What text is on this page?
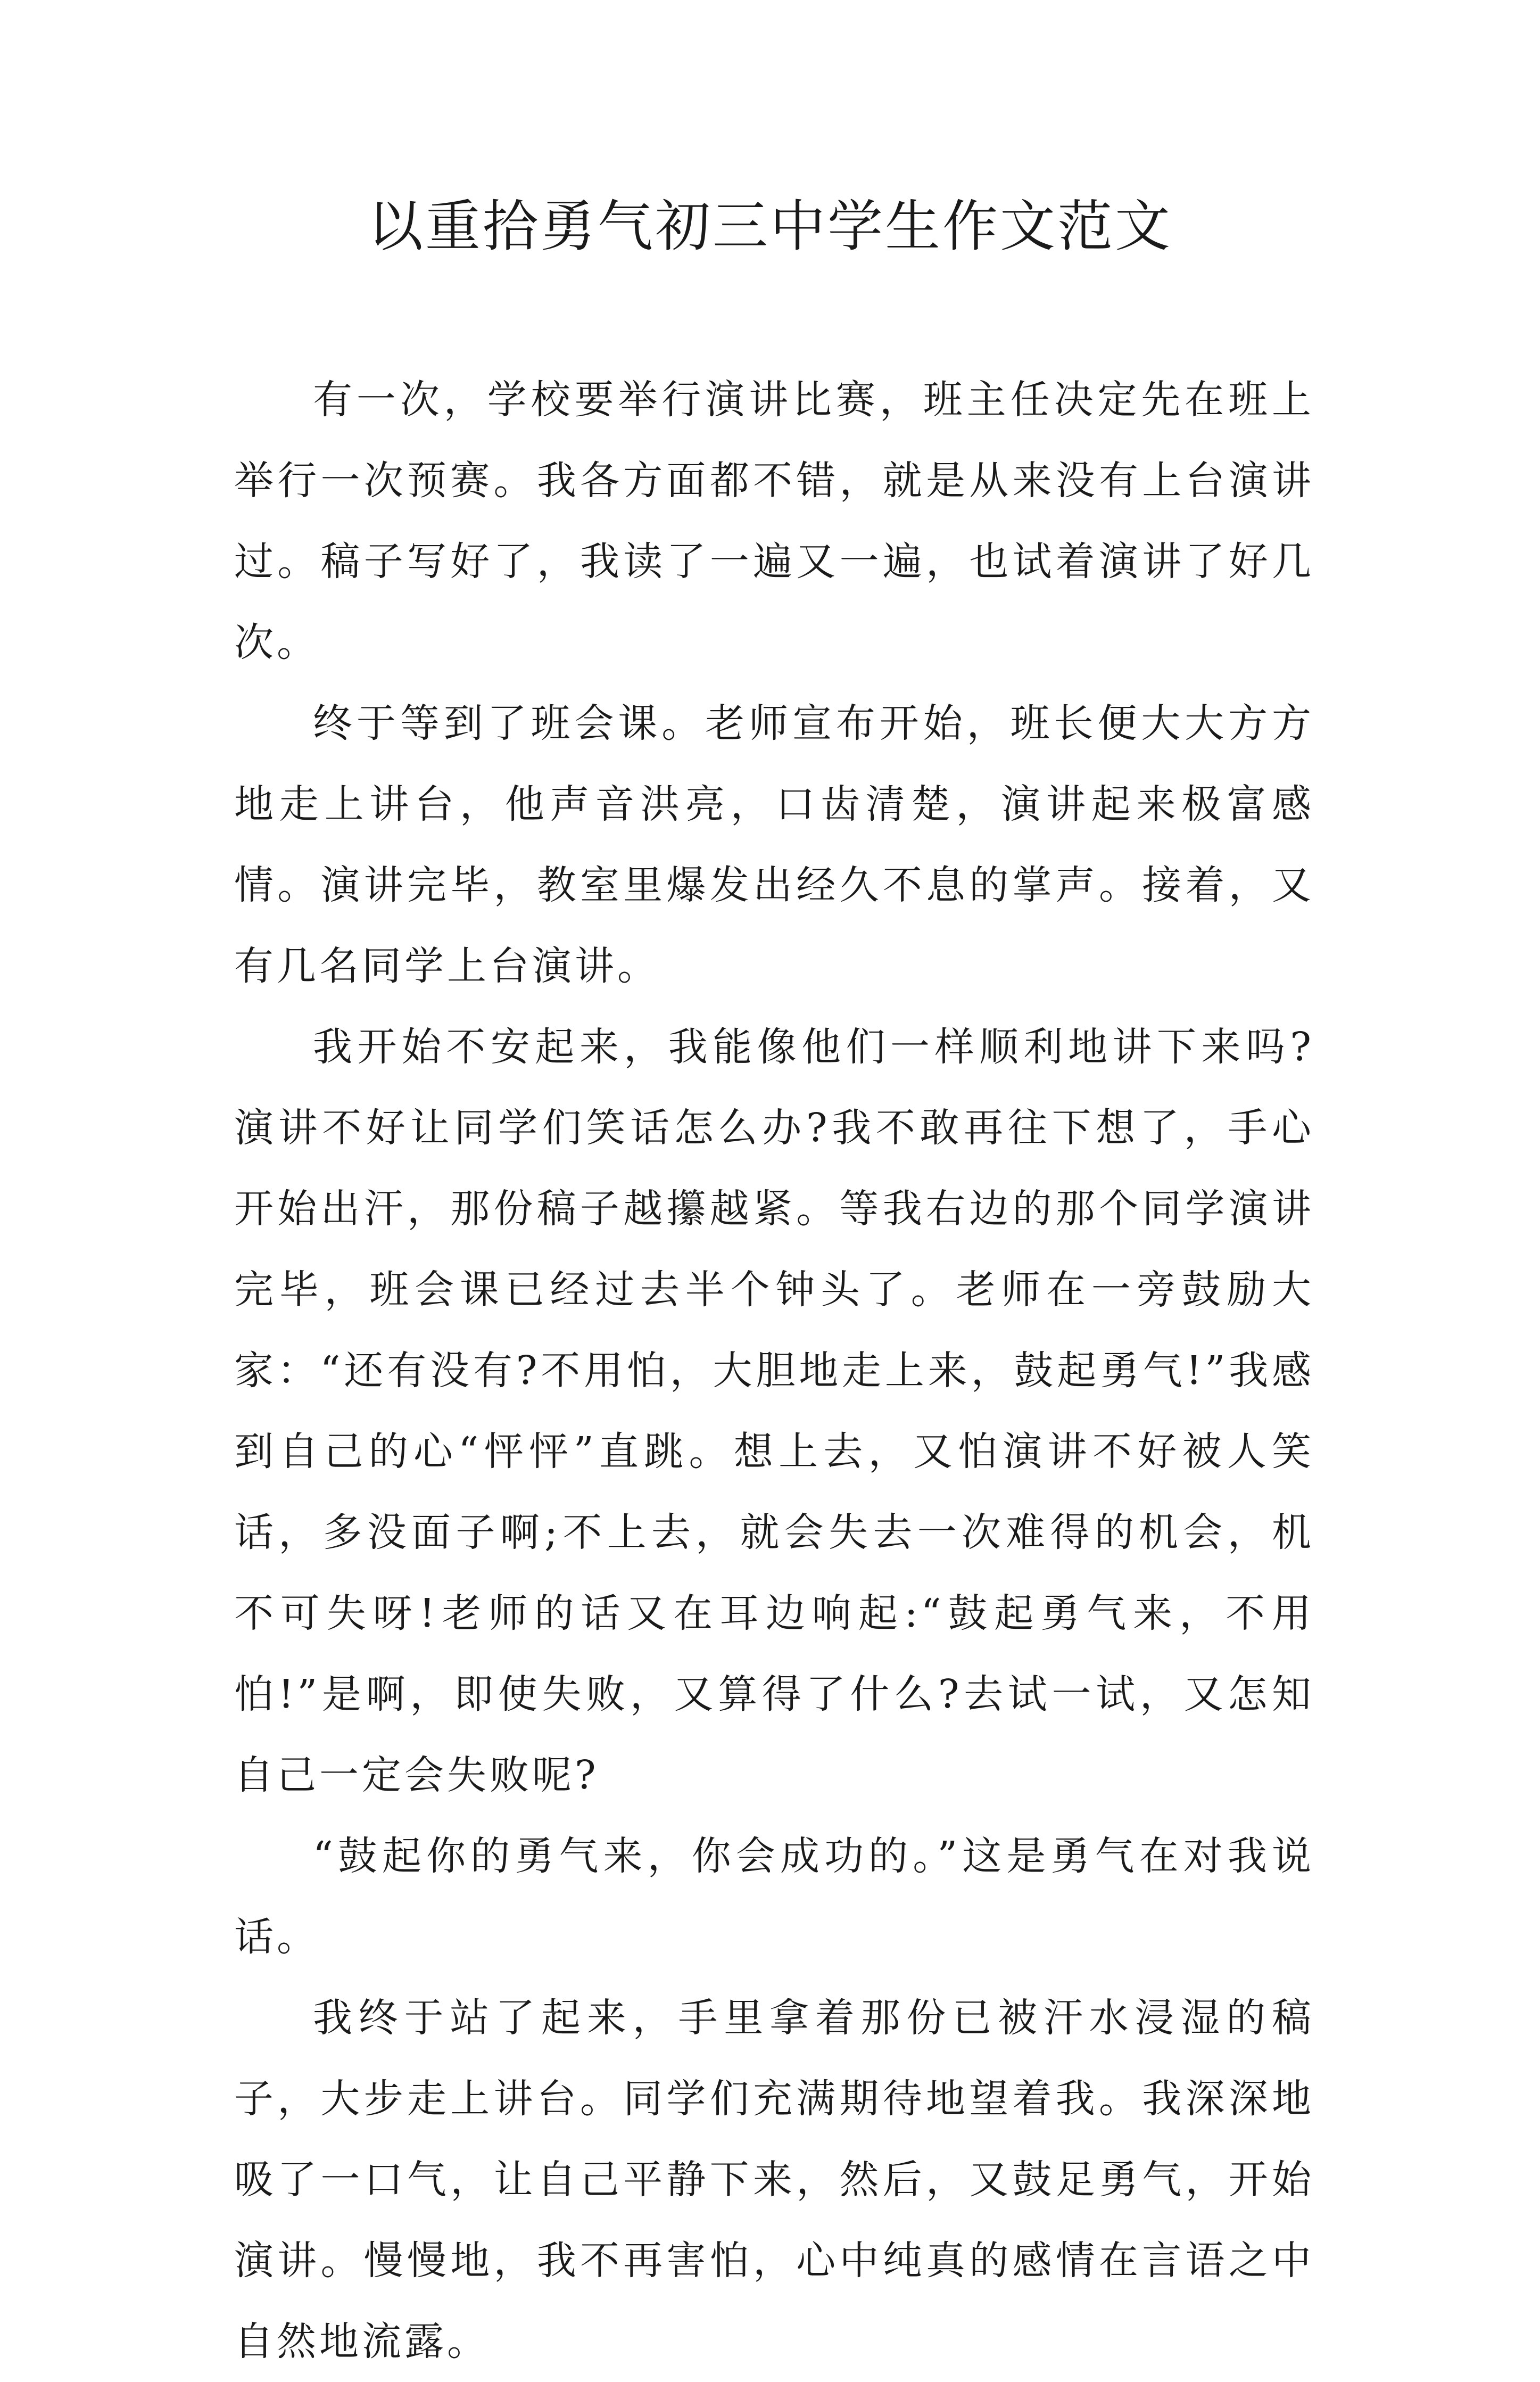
以重拾勇气初三中学生作文范文

有一次，学校要举行演讲比赛，班主任决定先在班上举行一次预赛。我各方面都不错，就是从来没有上台演讲过。稿子写好了，我读了一遍又一遍，也试着演讲了好几次。

终于等到了班会课。老师宣布开始，班长便大大方方地走上讲台，他声音洪亮，口齿清楚，演讲起来极富感情。演讲完毕，教室里爆发出经久不息的掌声。接着，又有几名同学上台演讲。

我开始不安起来，我能像他们一样顺利地讲下来吗?演讲不好让同学们笑话怎么办?我不敢再往下想了，手心开始出汗，那份稿子越攥越紧。等我右边的那个同学演讲完毕，班会课已经过去半个钟头了。老师在一旁鼓励大家：“还有没有?不用怕，大胆地走上来，鼓起勇气!”我感到自己的心“怦怦”直跳。想上去，又怕演讲不好被人笑话，多没面子啊;不上去，就会失去一次难得的机会，机不可失呀!老师的话又在耳边响起:“鼓起勇气来，不用怕!”是啊，即使失败，又算得了什么?去试一试，又怎知自己一定会失败呢?

“鼓起你的勇气来，你会成功的。”这是勇气在对我说话。

我终于站了起来，手里拿着那份已被汗水浸湿的稿子，大步走上讲台。同学们充满期待地望着我。我深深地吸了一口气，让自己平静下来，然后，又鼓足勇气，开始演讲。慢慢地，我不再害怕，心中纯真的感情在言语之中自然地流露。
